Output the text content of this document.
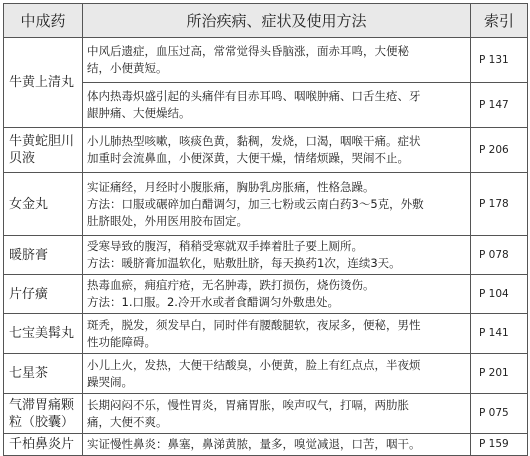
中成药	所治疾病、症状及使用方法	索引

牛黄上清丸	中风后遗症，血压过高，常常觉得头昏脑涨，面赤耳鸣，大便秘
结，小便黄短。	P 131

	体内热毒炽盛引起的头痛伴有目赤耳鸣、咽喉肿痛、口舌生疮、牙
龈肿痛、大便燥结。	P 147

牛黄蛇胆川
贝液	小儿肺热型咳嗽，咳痰色黄，黏稠，发烧，口渴，咽喉干痛。症状
加重时会流鼻血，小便深黄，大便干燥，情绪烦躁，哭闹不止。	P 206

女金丸	实证痛经，月经时小腹胀痛，胸胁乳房胀痛，性格急躁。
方法：口服或碾碎加白醋调匀，加三七粉或云南白药3～5克，外敷
肚脐眼处，外用医用胶布固定。	P 178

暖脐膏	受寒导致的腹泻，稍稍受寒就双手捧着肚子要上厕所。
方法：暖脐膏加温软化，贴敷肚脐，每天换药1次，连续3天。	P 078

片仔癀	热毒血瘀，痈疽疔疮，无名肿毒，跌打损伤，烧伤烫伤。
方法：1.口服。2.冷开水或者食醋调匀外敷患处。	P 104

七宝美髯丸	斑秃，脱发，须发早白，同时伴有腰酸腿软，夜尿多，便秘，男性
性功能障碍。	P 141

七星茶	小儿上火，发热，大便干结酸臭，小便黄，脸上有红点点，半夜烦
躁哭闹。	P 201

气滞胃痛颗
粒（胶囊）	长期闷闷不乐，慢性胃炎，胃痛胃胀，唉声叹气，打嗝，两肋胀
痛，大便不爽。	P 075

千柏鼻炎片	实证慢性鼻炎：鼻塞，鼻涕黄脓，量多，嗅觉减退，口苦，咽干。	P 159
